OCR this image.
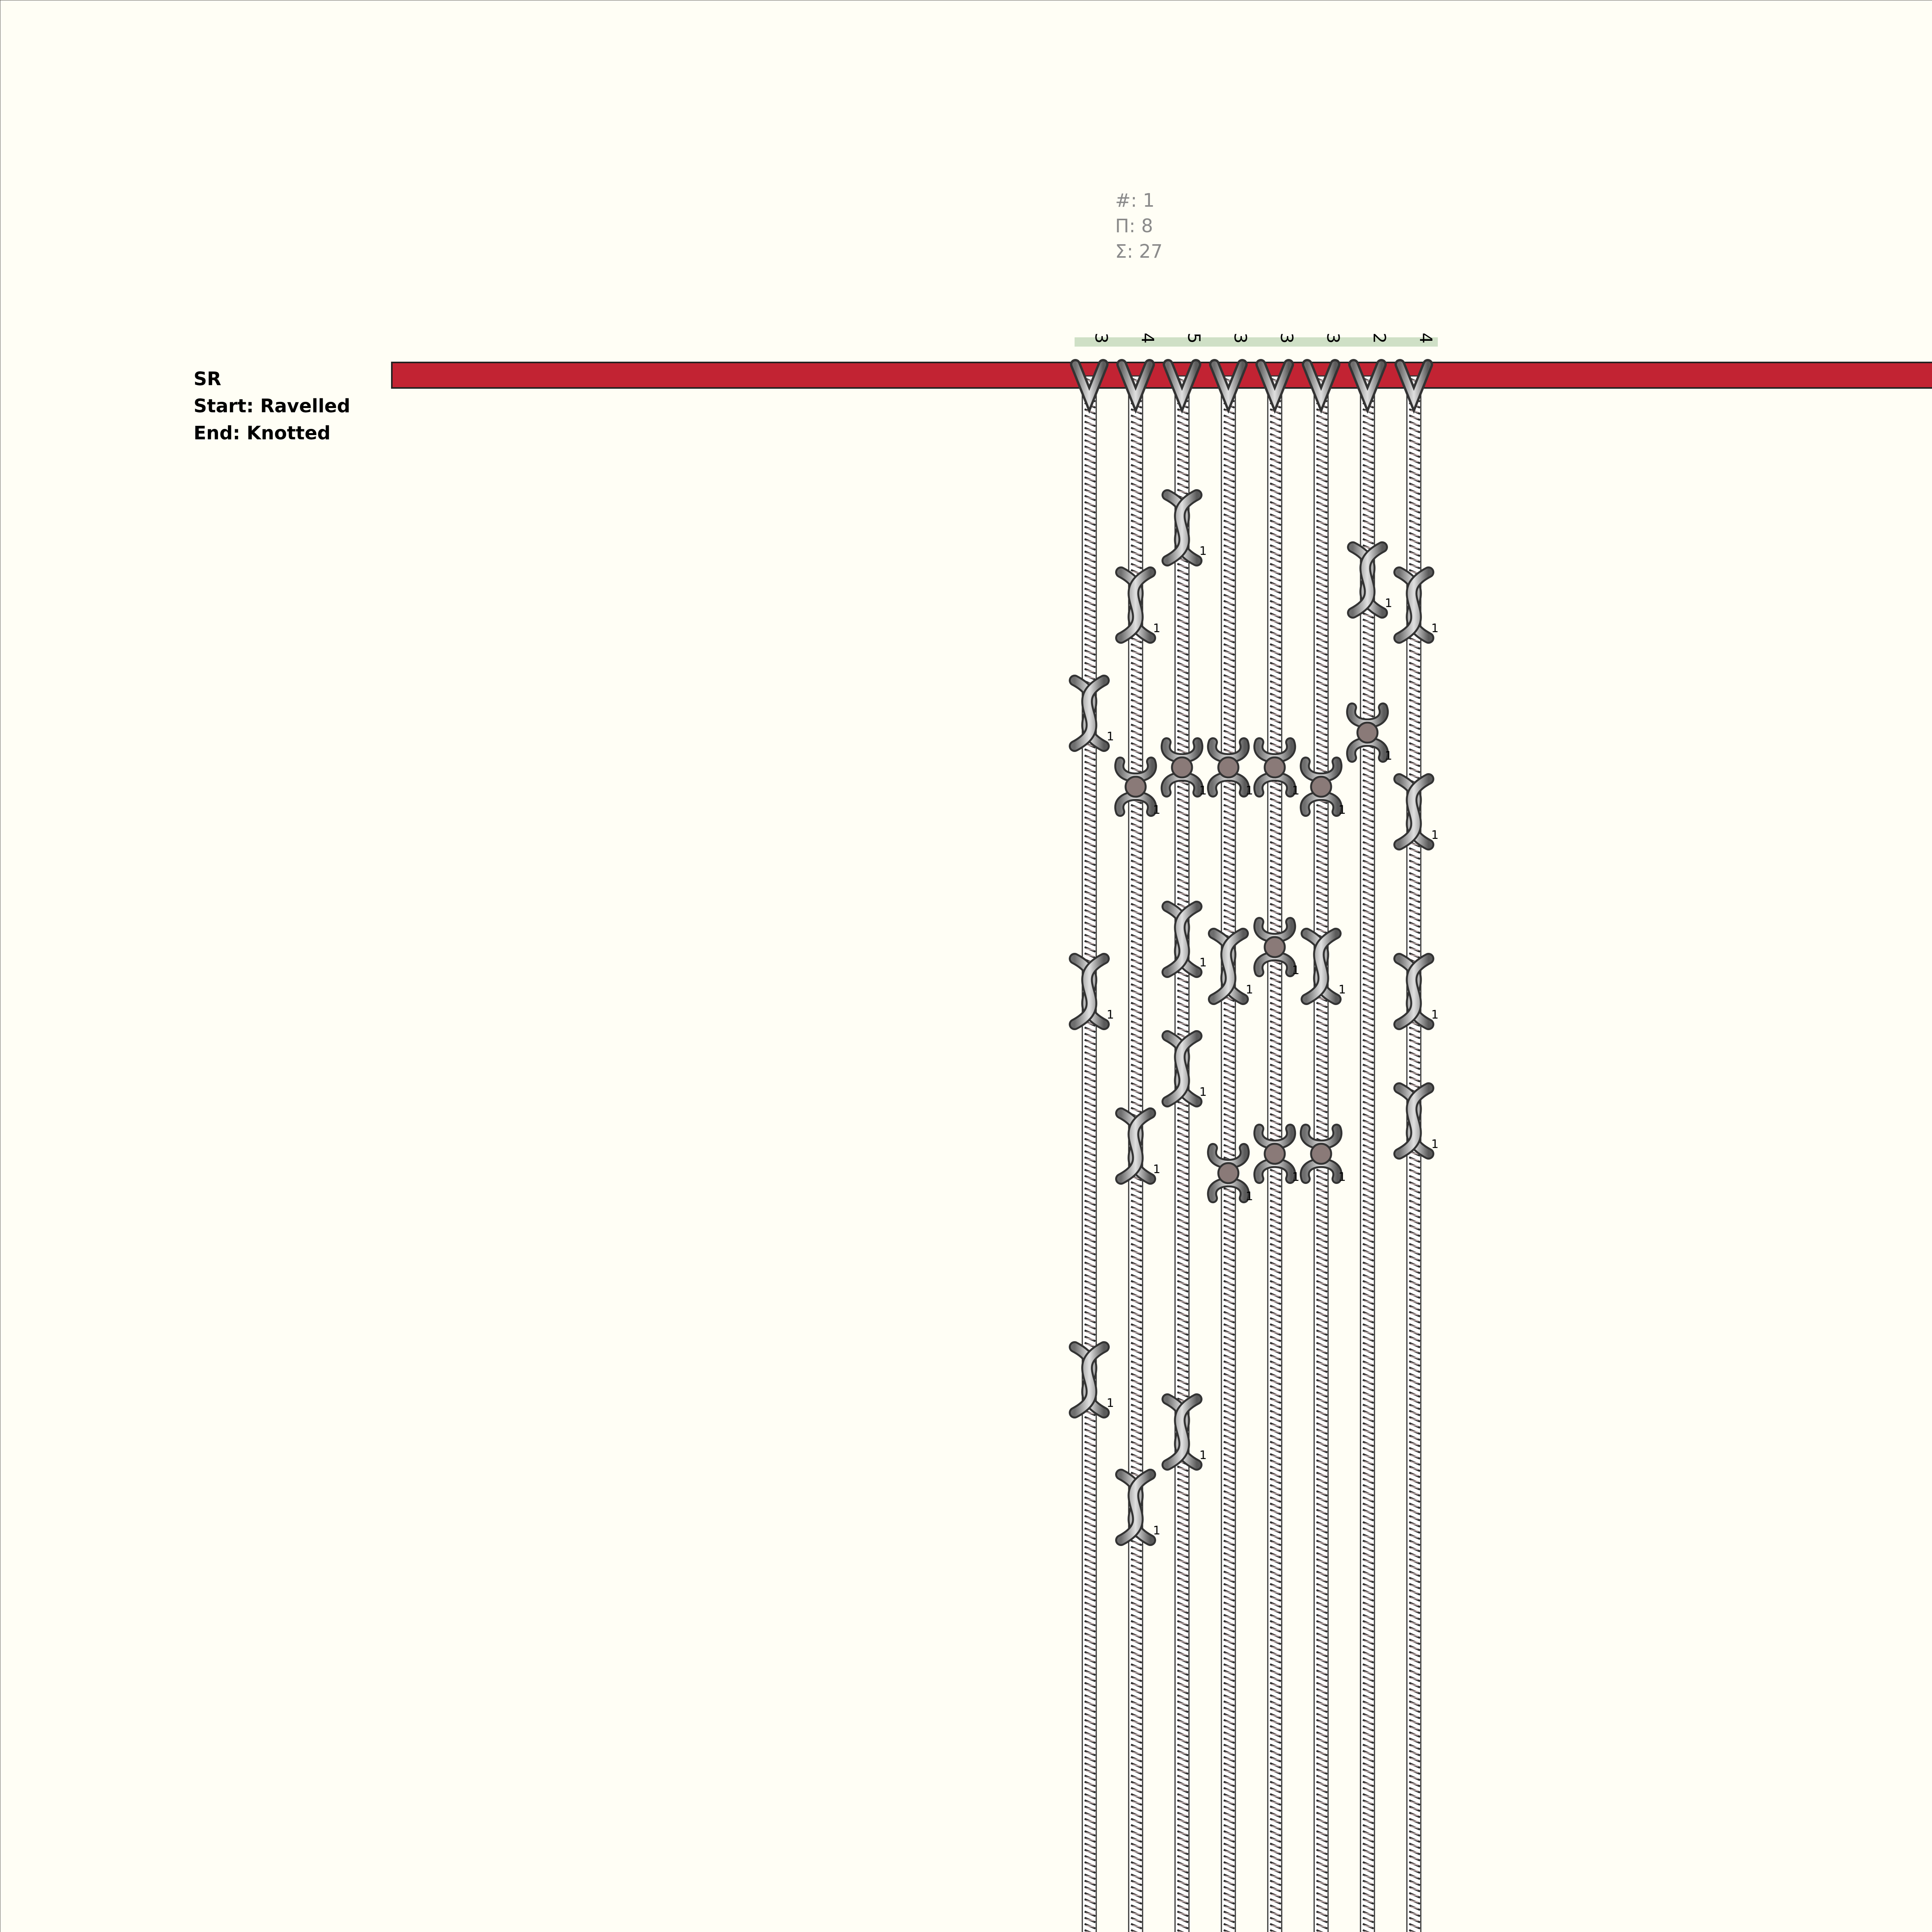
3
1
1
1
4
1
1
1
1
5
1
1
1
1
1
3
1
1
1
3
1
1
1
3
1
1
1
2
1
1
4
1
1
1
1
#: 1
Π: 8
Σ: 27
SR
Start: Ravelled
End: Knotted
